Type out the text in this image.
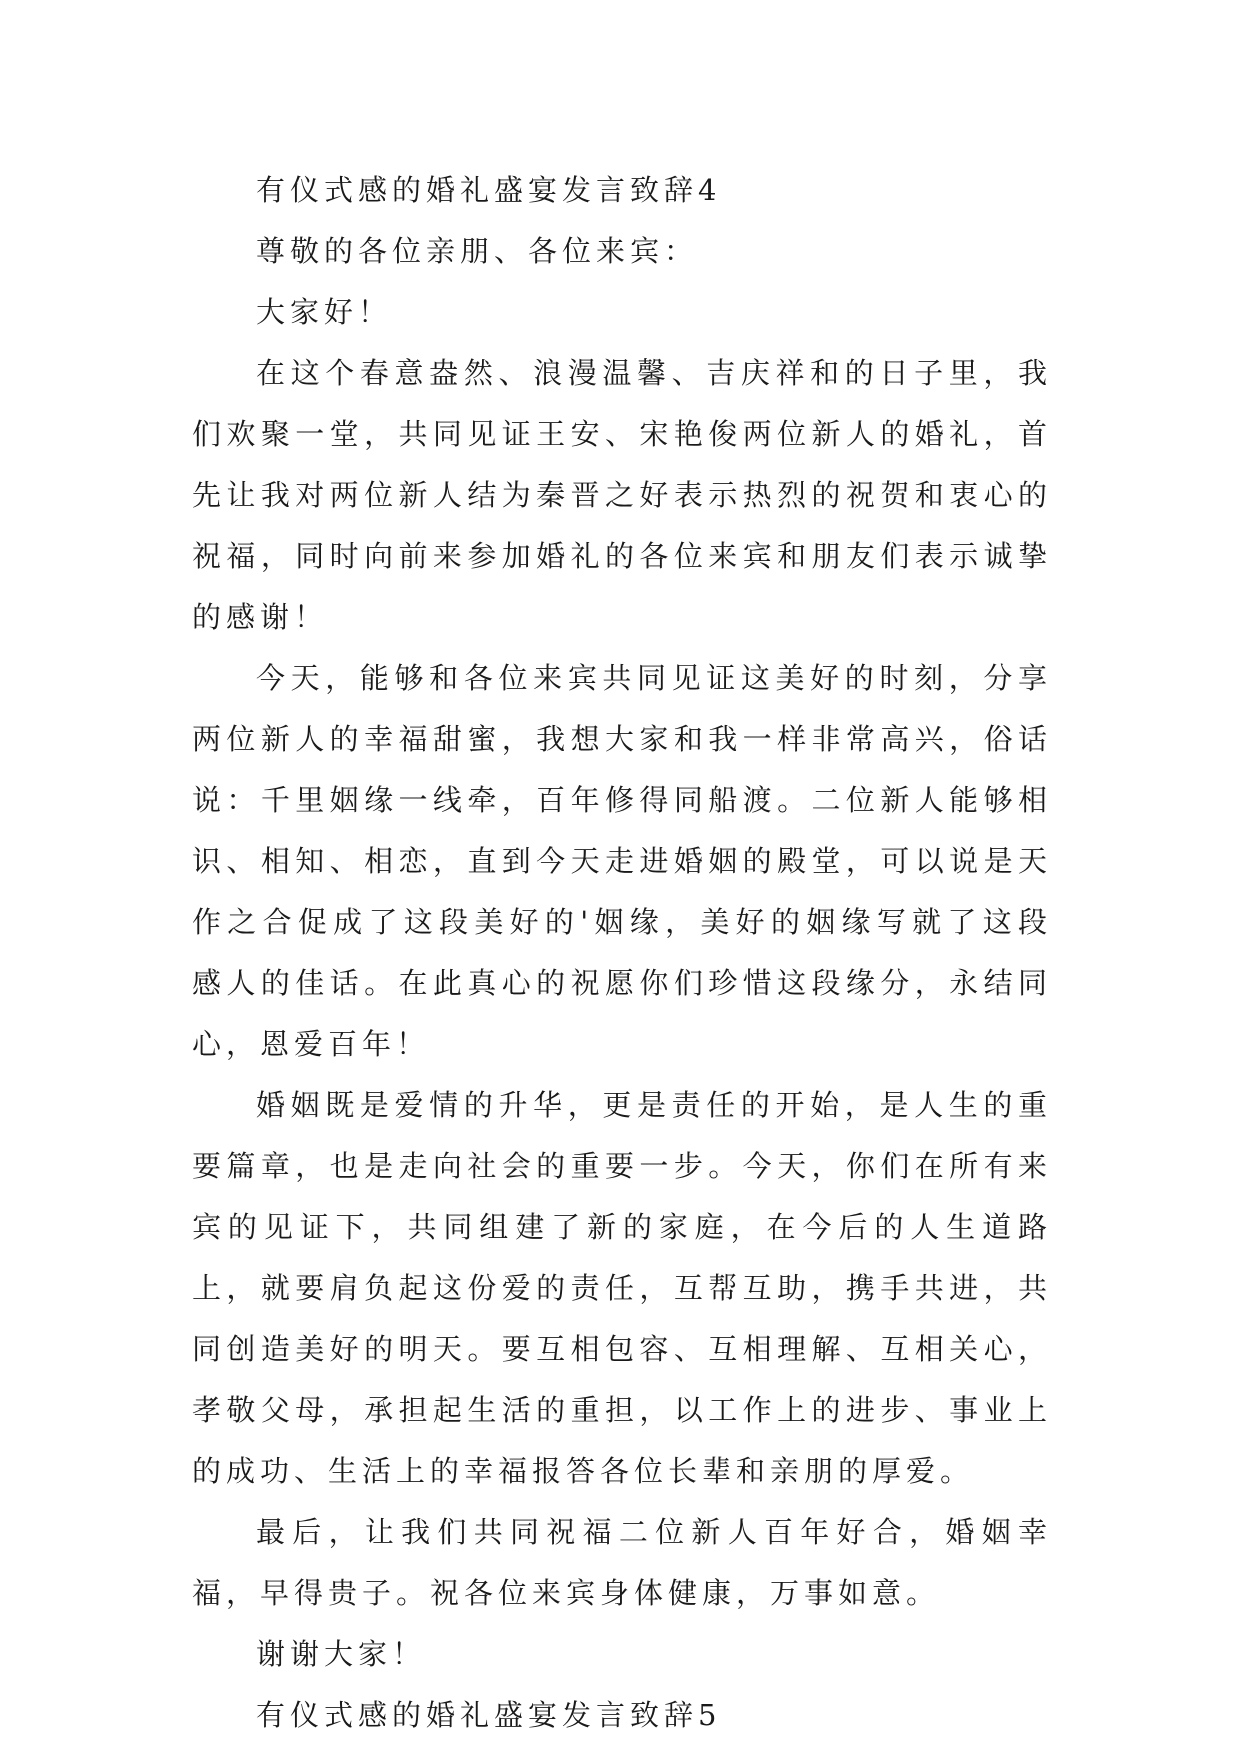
有仪式感的婚礼盛宴发言致辞4

尊敬的各位亲朋、各位来宾：

大家好！

在这个春意盎然、浪漫温馨、吉庆祥和的日子里，我们欢聚一堂，共同见证王安、宋艳俊两位新人的婚礼，首先让我对两位新人结为秦晋之好表示热烈的祝贺和衷心的祝福，同时向前来参加婚礼的各位来宾和朋友们表示诚挚的感谢！

今天，能够和各位来宾共同见证这美好的时刻，分享两位新人的幸福甜蜜，我想大家和我一样非常高兴，俗话说：千里姻缘一线牵，百年修得同船渡。二位新人能够相识、相知、相恋，直到今天走进婚姻的殿堂，可以说是天作之合促成了这段美好的'姻缘，美好的姻缘写就了这段感人的佳话。在此真心的祝愿你们珍惜这段缘分，永结同心，恩爱百年！

婚姻既是爱情的升华，更是责任的开始，是人生的重要篇章，也是走向社会的重要一步。今天，你们在所有来宾的见证下，共同组建了新的家庭，在今后的人生道路上，就要肩负起这份爱的责任，互帮互助，携手共进，共同创造美好的明天。要互相包容、互相理解、互相关心，孝敬父母，承担起生活的重担，以工作上的进步、事业上的成功、生活上的幸福报答各位长辈和亲朋的厚爱。

最后，让我们共同祝福二位新人百年好合，婚姻幸福，早得贵子。祝各位来宾身体健康，万事如意。

谢谢大家！

有仪式感的婚礼盛宴发言致辞5
